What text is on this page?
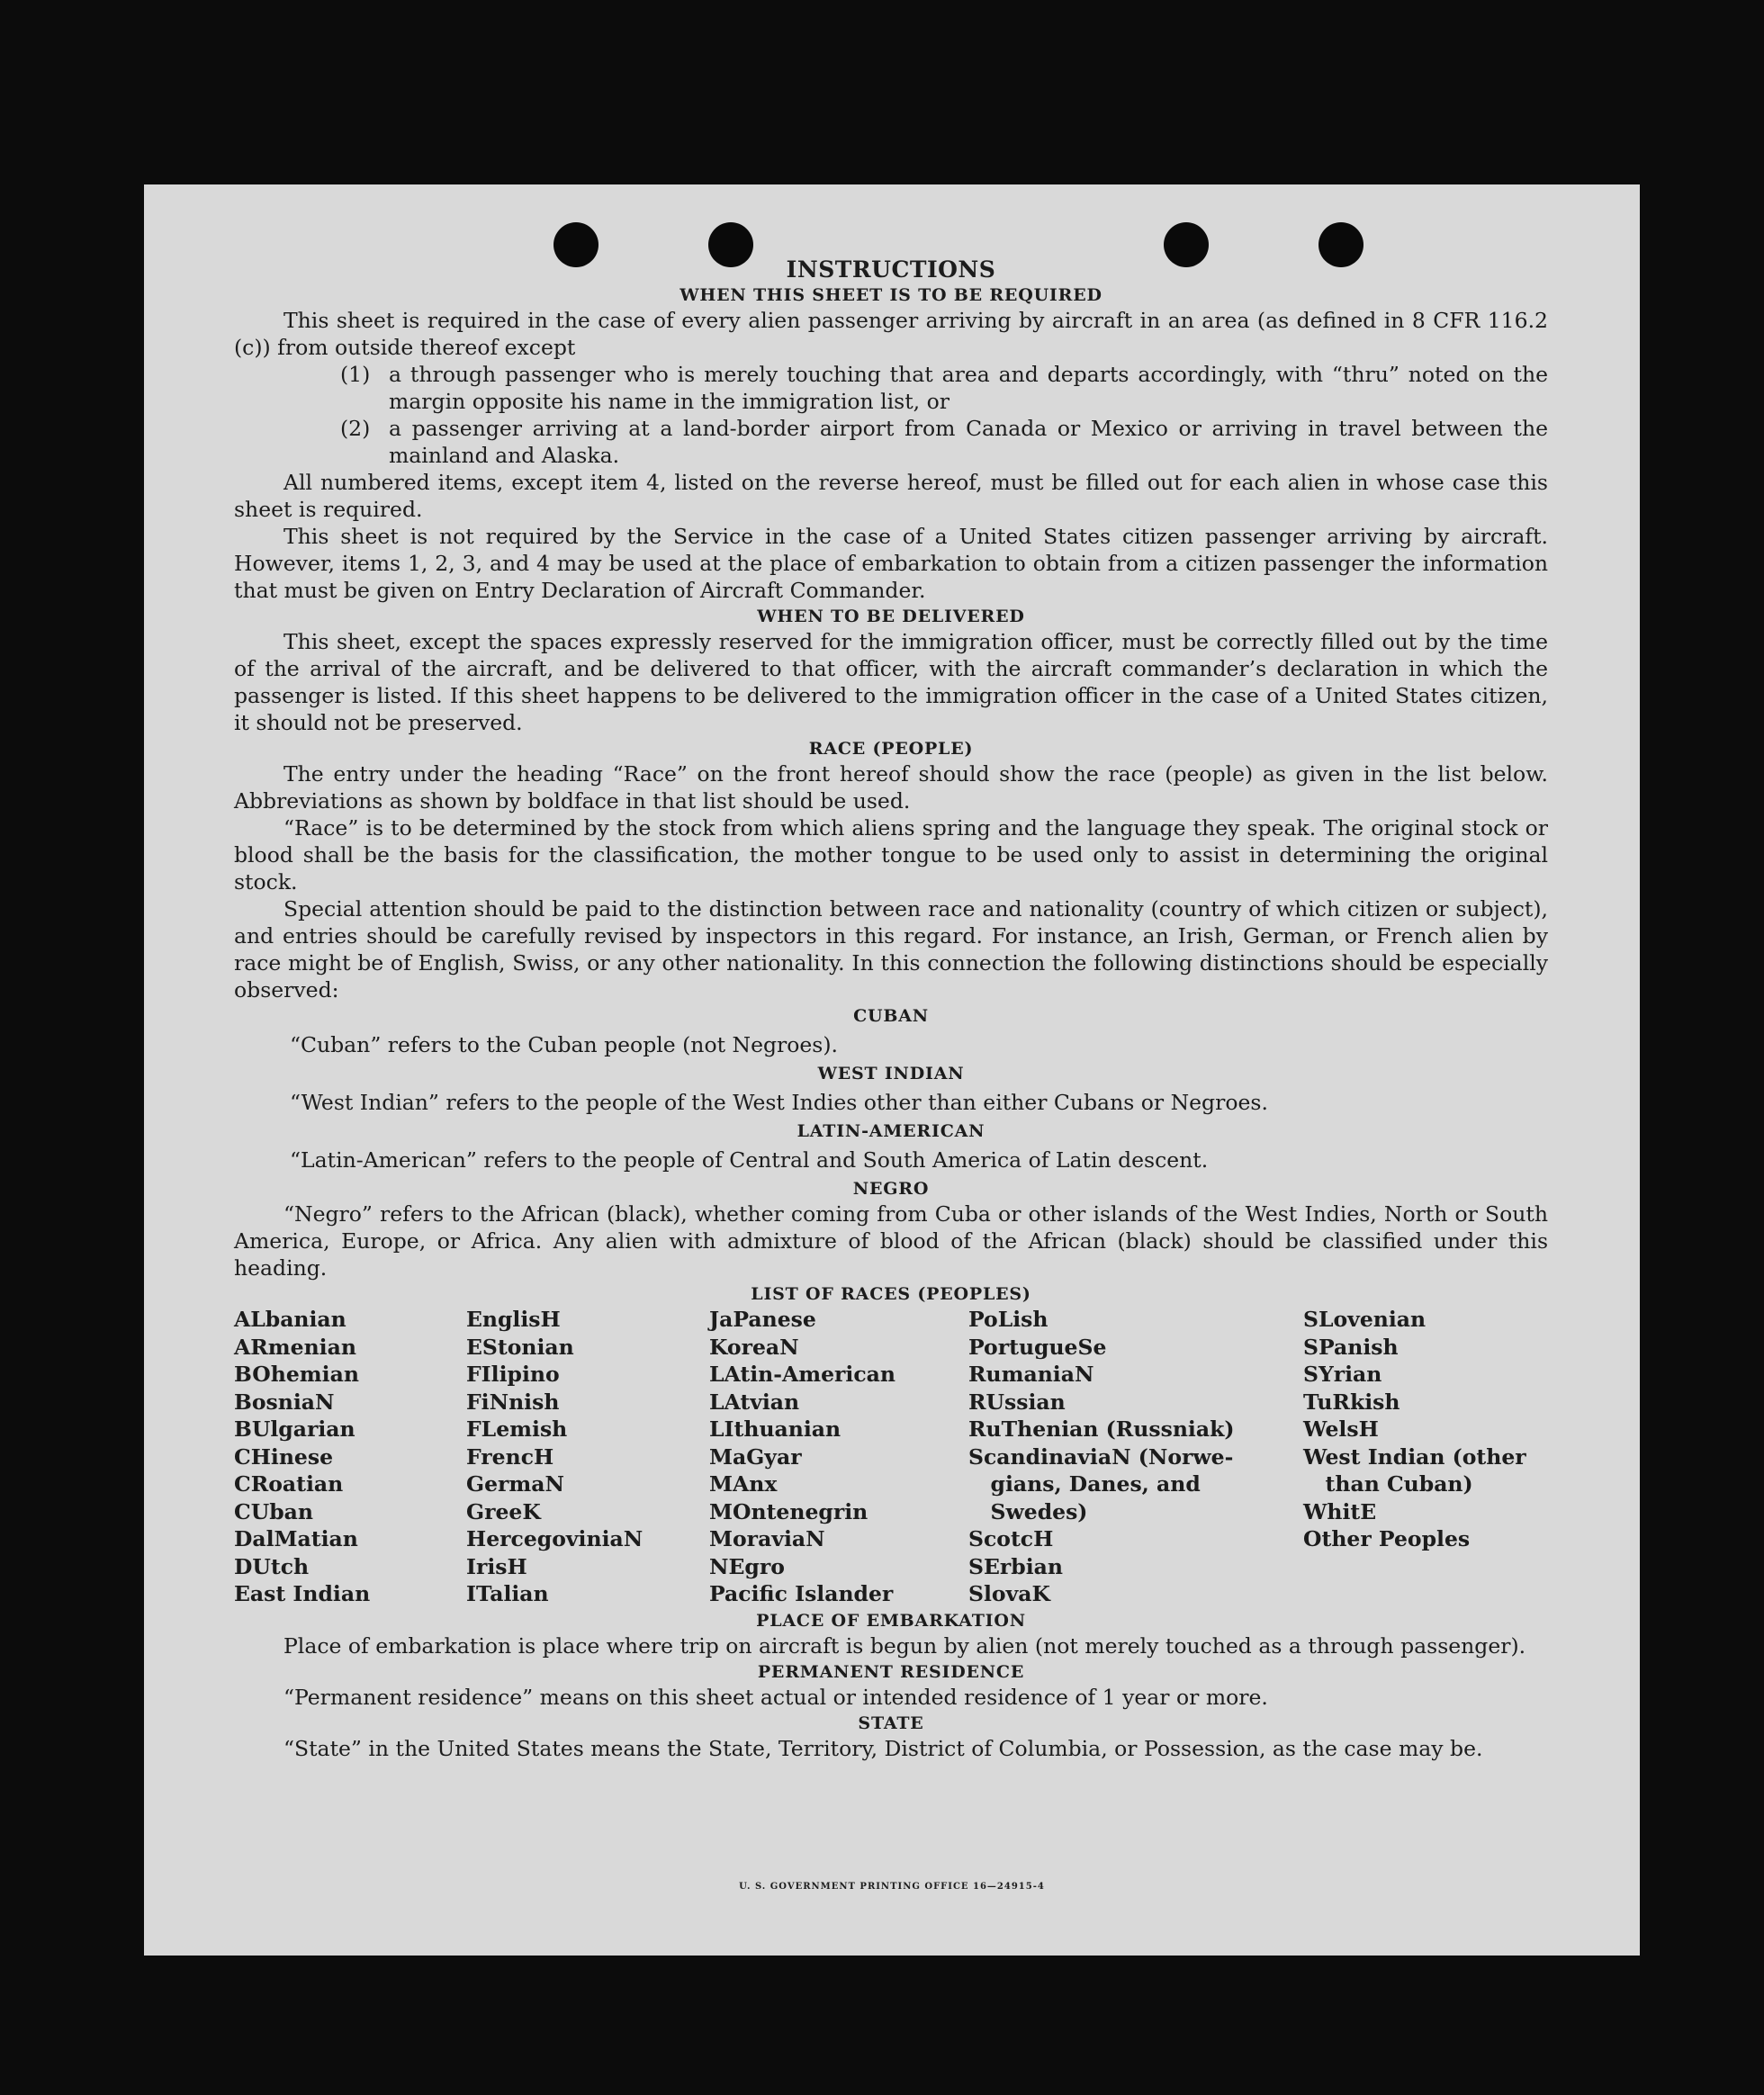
INSTRUCTIONS
WHEN THIS SHEET IS TO BE REQUIRED

This sheet is required in the case of every alien passenger arriving by aircraft in an area (as defined in 8 CFR 116.2 (c)) from outside thereof except

(1) a through passenger who is merely touching that area and departs accordingly, with “thru” noted on the margin opposite his name in the immigration list, or
(2) a passenger arriving at a land-border airport from Canada or Mexico or arriving in travel between the mainland and Alaska.

All numbered items, except item 4, listed on the reverse hereof, must be filled out for each alien in whose case this sheet is required.

This sheet is not required by the Service in the case of a United States citizen passenger arriving by aircraft. However, items 1, 2, 3, and 4 may be used at the place of embarkation to obtain from a citizen passenger the information that must be given on Entry Declaration of Aircraft Commander.

WHEN TO BE DELIVERED

This sheet, except the spaces expressly reserved for the immigration officer, must be correctly filled out by the time of the arrival of the aircraft, and be delivered to that officer, with the aircraft commander’s declaration in which the passenger is listed. If this sheet happens to be delivered to the immigration officer in the case of a United States citizen, it should not be preserved.

RACE (PEOPLE)

The entry under the heading “Race” on the front hereof should show the race (people) as given in the list below. Abbreviations as shown by boldface in that list should be used.

“Race” is to be determined by the stock from which aliens spring and the language they speak. The original stock or blood shall be the basis for the classification, the mother tongue to be used only to assist in determining the original stock.

Special attention should be paid to the distinction between race and nationality (country of which citizen or subject), and entries should be carefully revised by inspectors in this regard. For instance, an Irish, German, or French alien by race might be of English, Swiss, or any other nationality. In this connection the following distinctions should be especially observed:

CUBAN
“Cuban” refers to the Cuban people (not Negroes).
WEST INDIAN
“West Indian” refers to the people of the West Indies other than either Cubans or Negroes.
LATIN-AMERICAN
“Latin-American” refers to the people of Central and South America of Latin descent.
NEGRO

“Negro” refers to the African (black), whether coming from Cuba or other islands of the West Indies, North or South America, Europe, or Africa. Any alien with admixture of blood of the African (black) should be classified under this heading.

LIST OF RACES (PEOPLES)
ALbanian
ARmenian
BOhemian
BosniaN
BUlgarian
CHinese
CRoatian
CUban
DalMatian
DUtch
East Indian
EnglisH
EStonian
FIlipino
FiNnish
FLemish
FrencH
GermaN
GreeK
HercegoviniaN
IrisH
ITalian
JaPanese
KoreaN
LAtin-American
LAtvian
LIthuanian
MaGyar
MAnx
MOntenegrin
MoraviaN
NEgro
Pacific Islander
PoLish
PortugueSe
RumaniaN
RUssian
RuThenian (Russniak)
ScandinaviaN (Norwe-
gians, Danes, and
Swedes)
ScotcH
SErbian
SlovaK
SLovenian
SPanish
SYrian
TuRkish
WelsH
West Indian (other
than Cuban)
WhitE
Other Peoples
PLACE OF EMBARKATION

Place of embarkation is place where trip on aircraft is begun by alien (not merely touched as a through passenger).

PERMANENT RESIDENCE

“Permanent residence” means on this sheet actual or intended residence of 1 year or more.

STATE

“State” in the United States means the State, Territory, District of Columbia, or Possession, as the case may be.

U. S. GOVERNMENT PRINTING OFFICE 16—24915-4
